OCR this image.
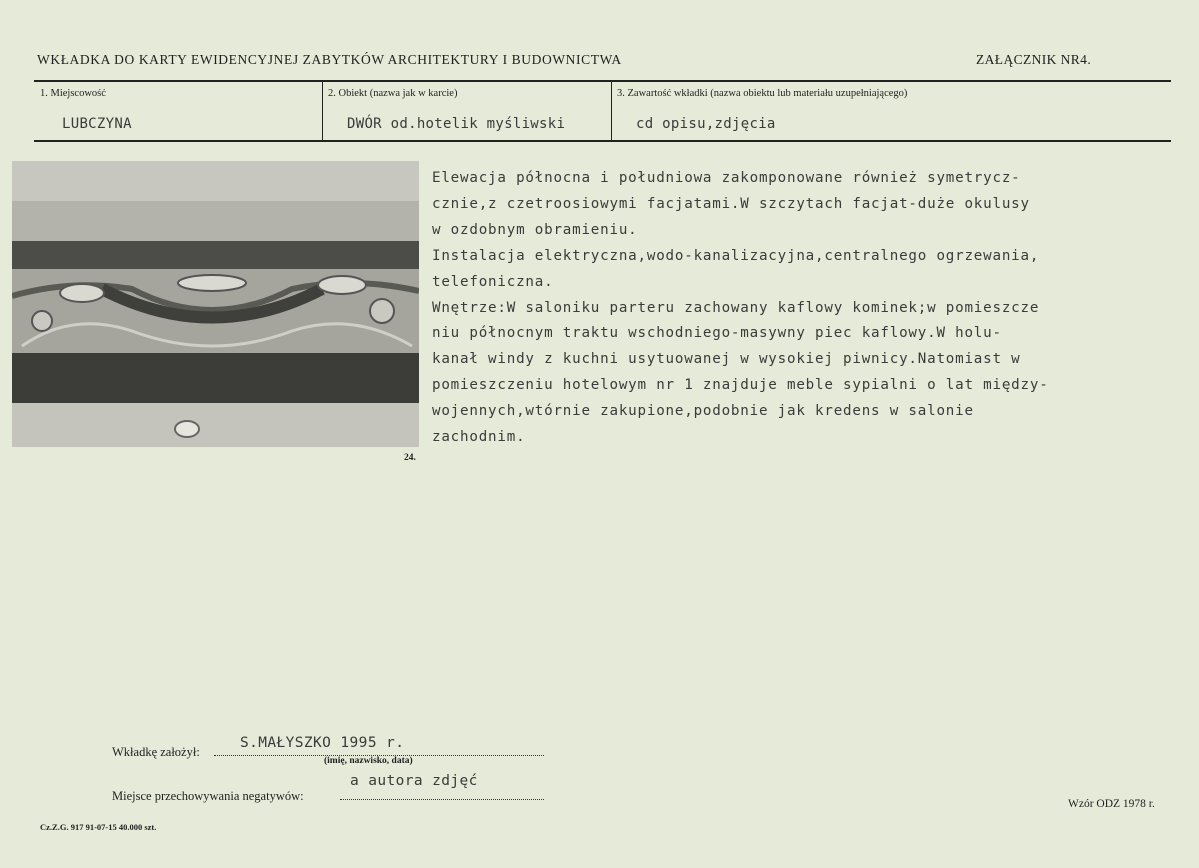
WKŁADKA DO KARTY EWIDENCYJNEJ ZABYTKÓW ARCHITEKTURY I BUDOWNICTWA	ZAŁĄCZNIK NR4.
1. Miejscowość
LUBCZYNA
2. Obiekt (nazwa jak w karcie)
DWÓR od.hotelik myśliwski
3. Zawartość wkładki (nazwa obiektu lub materiału uzupełniającego)
cd opisu,zdjęcia
24.
Elewacja północna i południowa zakomponowane również symetrycz-
cznie,z czetroosiowymi facjatami.W szczytach facjat-duże okulusy
w ozdobnym obramieniu.
Instalacja elektryczna,wodo-kanalizacyjna,centralnego ogrzewania,
telefoniczna.
Wnętrze:W saloniku parteru zachowany kaflowy kominek;w pomieszcze
niu północnym traktu wschodniego-masywny piec kaflowy.W holu-
kanał windy z kuchni usytuowanej w wysokiej piwnicy.Natomiast w
pomieszczeniu hotelowym nr 1 znajduje meble sypialni o lat między-
wojennych,wtórnie zakupione,podobnie jak kredens w salonie
zachodnim.
Wkładkę założył:
S.MAŁYSZKO 1995 r.
(imię, nazwisko, data)
a autora zdjęć
Miejsce przechowywania negatywów:
Wzór ODZ 1978 r.
Cz.Z.G. 917 91-07-15 40.000 szt.
